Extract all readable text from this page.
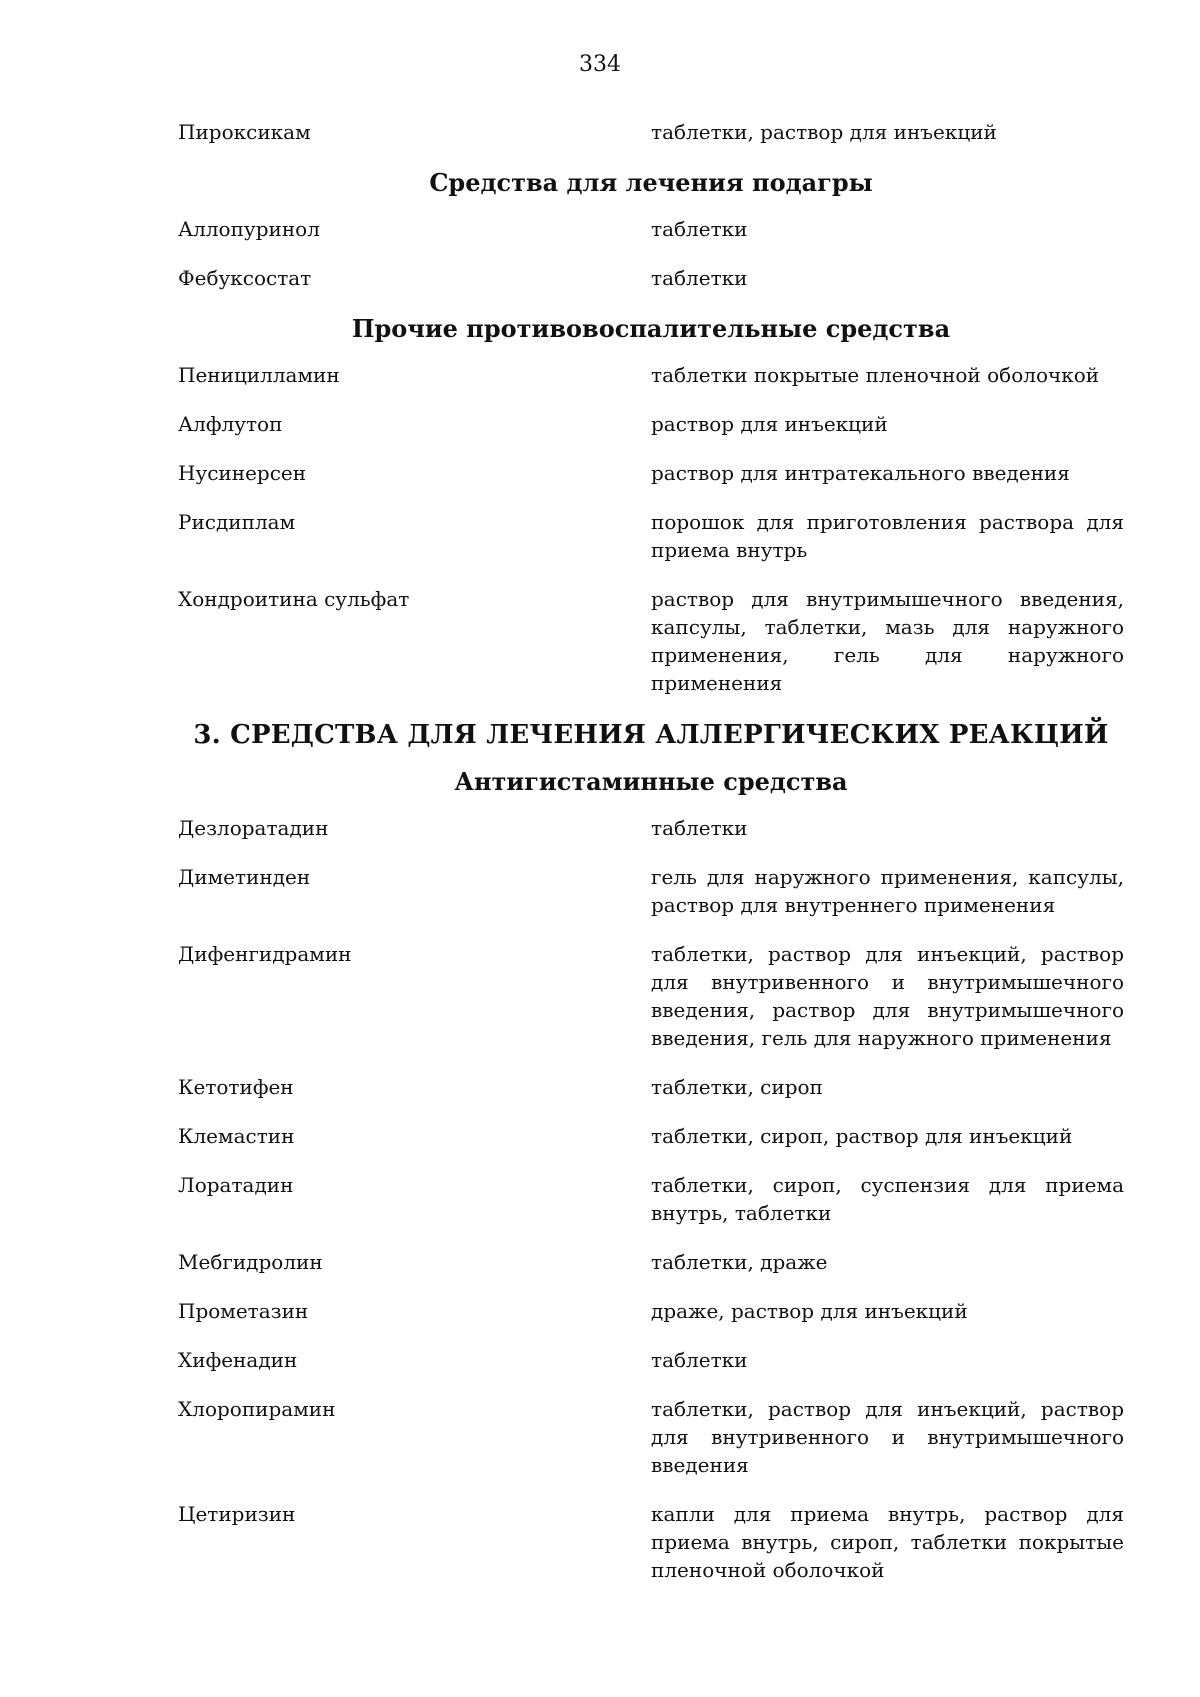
334
Пироксикам	таблетки, раствор для инъекций
Средства для лечения подагры
Аллопуринол	таблетки
Фебуксостат	таблетки
Прочие противовоспалительные средства
Пеницилламин	таблетки покрытые пленочной оболочкой
Алфлутоп	раствор для инъекций
Нусинерсен	раствор для интратекального введения
Рисдиплам	порошок для приготовления раствора для приема внутрь
Хондроитина сульфат	раствор для внутримышечного введения, капсулы, таблетки, мазь для наружного применения, гель для наружного применения
3. СРЕДСТВА ДЛЯ ЛЕЧЕНИЯ АЛЛЕРГИЧЕСКИХ РЕАКЦИЙ
Антигистаминные средства
Дезлоратадин	таблетки
Диметинден	гель для наружного применения, капсулы, раствор для внутреннего применения
Дифенгидрамин	таблетки, раствор для инъекций, раствор для внутривенного и внутримышечного введения, раствор для внутримышечного введения, гель для наружного применения
Кетотифен	таблетки, сироп
Клемастин	таблетки, сироп, раствор для инъекций
Лоратадин	таблетки, сироп, суспензия для приема внутрь, таблетки
Мебгидролин	таблетки, драже
Прометазин	драже, раствор для инъекций
Хифенадин	таблетки
Хлоропирамин	таблетки, раствор для инъекций, раствор для внутривенного и внутримышечного введения
Цетиризин	капли для приема внутрь, раствор для приема внутрь, сироп, таблетки покрытые пленочной оболочкой
